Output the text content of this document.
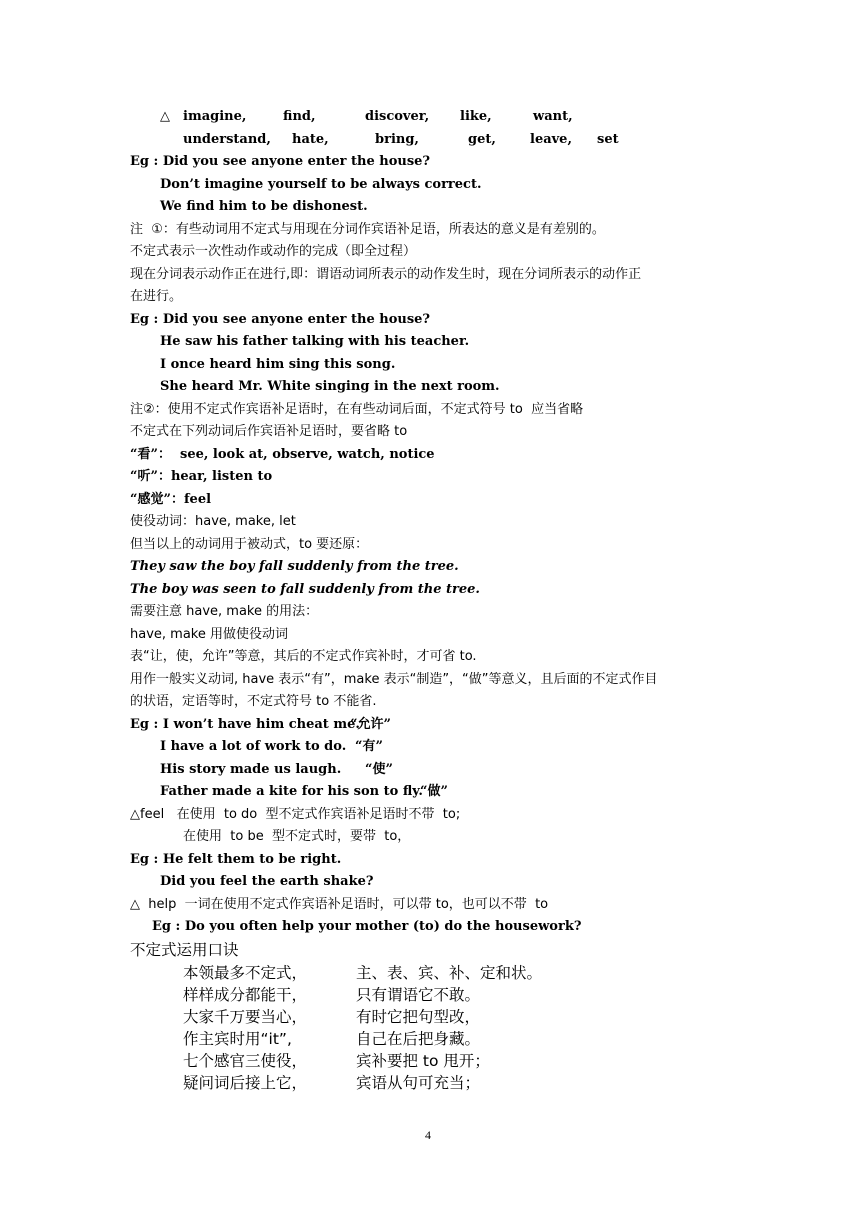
△ imagine,	find,	discover, like,	want,
understand, hate,	bring,	get,	leave, set
Eg : Did you see anyone enter the house?
Don’t imagine yourself to be always correct.
We find him to be dishonest.
注  ①：有些动词用不定式与用现在分词作宾语补足语，所表达的意义是有差别的。
不定式表示一次性动作或动作的完成（即全过程）
现在分词表示动作正在进行,即：谓语动词所表示的动作发生时，现在分词所表示的动作正
在进行。
Eg : Did you see anyone enter the house?
He saw his father talking with his teacher.
I once heard him sing this song.
She heard Mr. White singing in the next room.
注②：使用不定式作宾语补足语时，在有些动词后面，不定式符号 to  应当省略
不定式在下列动词后作宾语补足语时，要省略 to
“看”：  see, look at, observe, watch, notice
“听”：hear, listen to
“感觉”：feel
使役动词：have, make, let
但当以上的动词用于被动式，to 要还原：
They saw the boy fall suddenly from the tree.
The boy was seen to fall suddenly from the tree.
需要注意 have, make 的用法：
have, make 用做使役动词
表“让，使，允许”等意，其后的不定式作宾补时，才可省 to.
用作一般实义动词, have 表示“有”，make 表示“制造”，“做”等意义，且后面的不定式作目
的状语，定语等时，不定式符号 to 不能省.
Eg : I won’t have him cheat me.
“允许”
I have a lot of work to do. “有”
His story made us laugh. “使”
Father made a kite for his son to fly.
“做”
△feel   在使用  to do  型不定式作宾语补足语时不带  to;
在使用  to be  型不定式时，要带  to，
Eg : He felt them to be right.
Did you feel the earth shake?
△  help  一词在使用不定式作宾语补足语时，可以带 to，也可以不带  to
Eg : Do you often help your mother (to) do the housework?
不定式运用口诀
本领最多不定式，	主、表、宾、补、定和状。
样样成分都能干，	只有谓语它不敢。
大家千万要当心，	有时它把句型改，
作主宾时用“it”,	自己在后把身藏。
七个感官三使役，	宾补要把 to 甩开；
疑问词后接上它，	宾语从句可充当；
4
